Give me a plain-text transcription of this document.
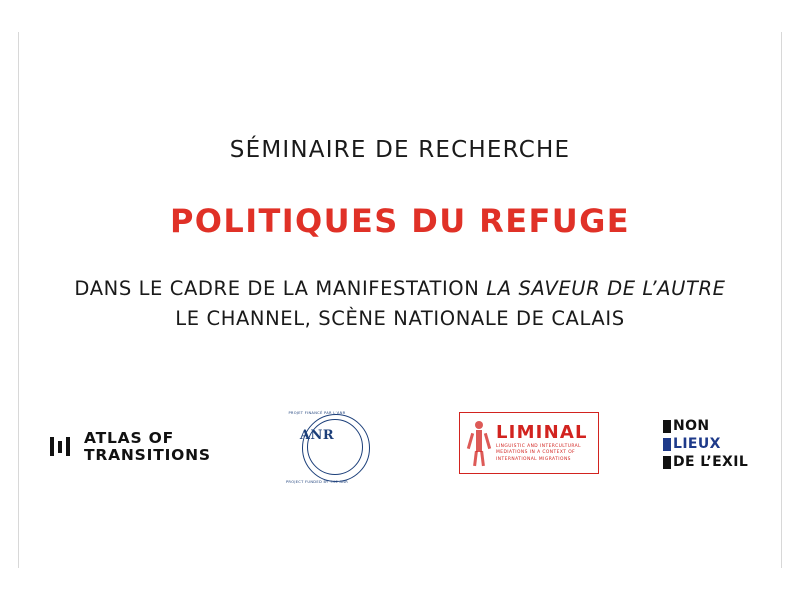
SÉMINAIRE DE RECHERCHE
POLITIQUES DU REFUGE
DANS LE CADRE DE LA MANIFESTATION LA SAVEUR DE L’AUTRE
LE CHANNEL, SCÈNE NATIONALE DE CALAIS
ATLAS OF
TRANSITIONS
PROJET FINANCÉ PAR L’ANR
ANR
PROJECT FUNDED BY THE ANR
LIMINAL
LINGUISTIC AND INTERCULTURAL MEDIATIONS IN A CONTEXT OF INTERNATIONAL MIGRATIONS
NON
LIEUX
DE L’EXIL
